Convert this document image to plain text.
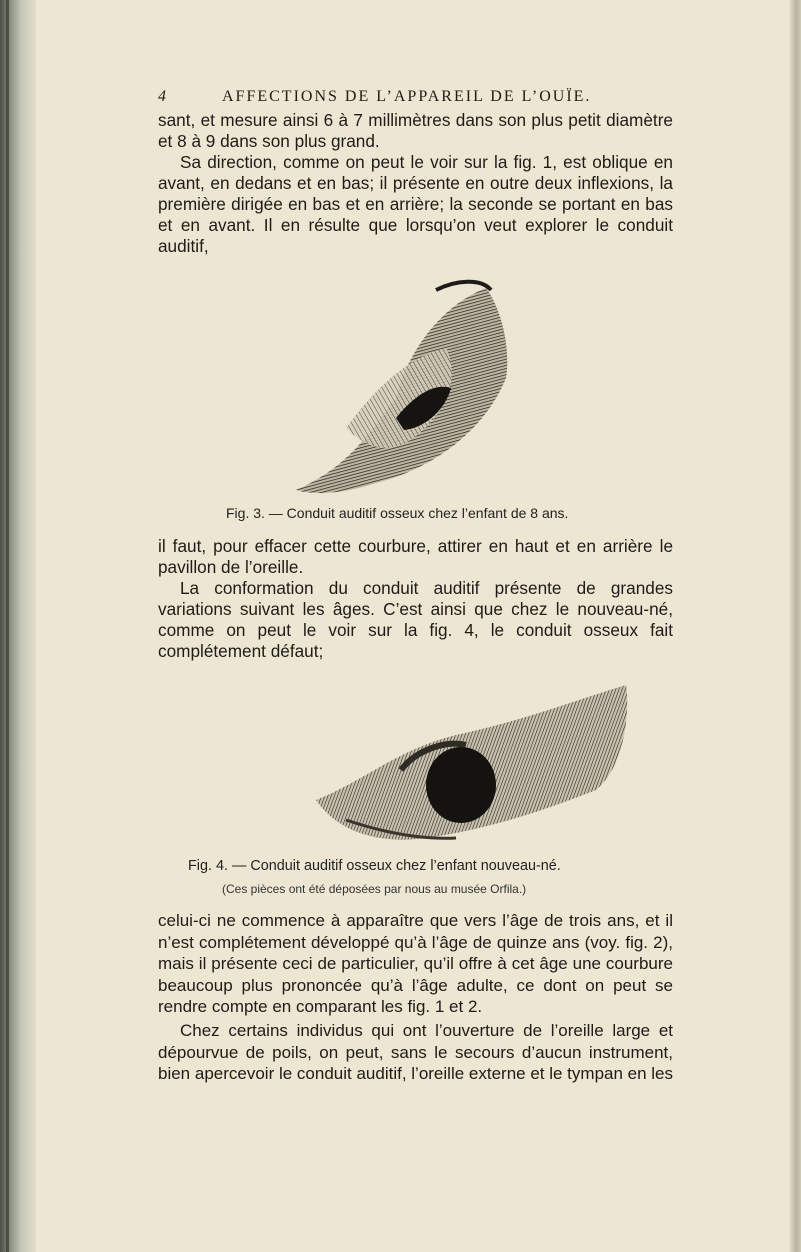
4	AFFECTIONS DE L’APPAREIL DE L’OUÏE.

sant, et mesure ainsi 6 à 7 millimètres dans son plus petit diamètre et 8 à 9 dans son plus grand.

Sa direction, comme on peut le voir sur la fig. 1, est oblique en avant, en dedans et en bas; il présente en outre deux inflexions, la première dirigée en bas et en arrière; la seconde se portant en bas et en avant. Il en résulte que lorsqu’on veut explorer le conduit auditif,

Fig. 3. — Conduit auditif osseux chez l’enfant de 8 ans.

il faut, pour effacer cette courbure, attirer en haut et en arrière le pavillon de l’oreille.

La conformation du conduit auditif présente de grandes variations suivant les âges. C’est ainsi que chez le nouveau-né, comme on peut le voir sur la fig. 4, le conduit osseux fait complétement défaut;

Fig. 4. — Conduit auditif osseux chez l’enfant nouveau-né.
(Ces pièces ont été déposées par nous au musée Orfila.)

celui-ci ne commence à apparaître que vers l’âge de trois ans, et il n’est complétement développé qu’à l’âge de quinze ans (voy. fig. 2), mais il présente ceci de particulier, qu’il offre à cet âge une courbure beaucoup plus prononcée qu’à l’âge adulte, ce dont on peut se rendre compte en comparant les fig. 1 et 2.

Chez certains individus qui ont l’ouverture de l’oreille large et dépourvue de poils, on peut, sans le secours d’aucun instrument, bien apercevoir le conduit auditif, l’oreille externe et le tympan en les
